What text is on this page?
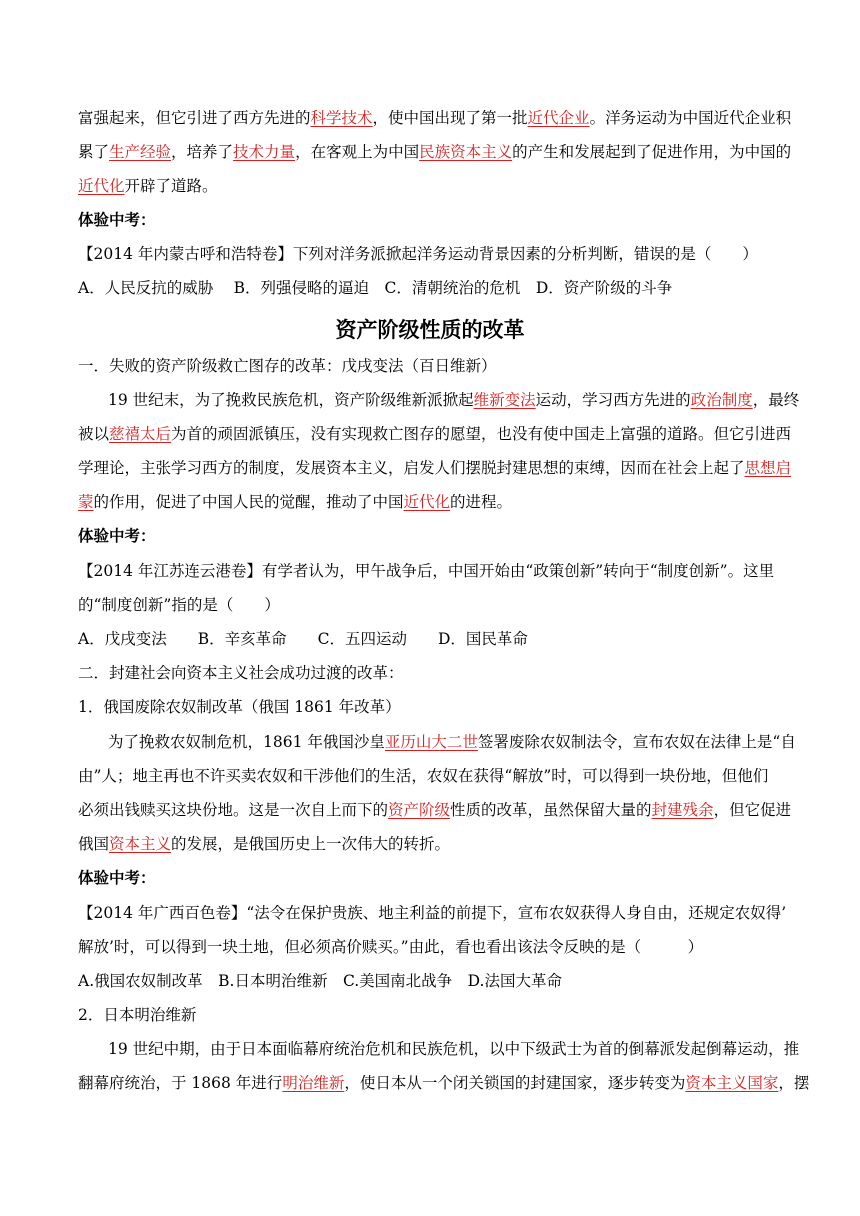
富强起来，但它引进了西方先进的科学技术，使中国出现了第一批近代企业。洋务运动为中国近代企业积
累了生产经验，培养了技术力量，在客观上为中国民族资本主义的产生和发展起到了促进作用，为中国的
近代化开辟了道路。
体验中考：
【2014 年内蒙古呼和浩特卷】下列对洋务派掀起洋务运动背景因素的分析判断，错误的是（　　）
A．人民反抗的威胁　 B．列强侵略的逼迫　C．清朝统治的危机　D．资产阶级的斗争
资产阶级性质的改革
一．失败的资产阶级救亡图存的改革：戊戌变法（百日维新）
19 世纪末，为了挽救民族危机，资产阶级维新派掀起维新变法运动，学习西方先进的政治制度，最终
被以慈禧太后为首的顽固派镇压，没有实现救亡图存的愿望，也没有使中国走上富强的道路。但它引进西
学理论，主张学习西方的制度，发展资本主义，启发人们摆脱封建思想的束缚，因而在社会上起了思想启
蒙的作用，促进了中国人民的觉醒，推动了中国近代化的进程。
体验中考：
【2014 年江苏连云港卷】有学者认为，甲午战争后，中国开始由“政策创新”转向于“制度创新”。这里
的“制度创新”指的是（　　）
A．戊戌变法　　B．辛亥革命　　C．五四运动　　D．国民革命
二．封建社会向资本主义社会成功过渡的改革：
1．俄国废除农奴制改革（俄国 1861 年改革）
为了挽救农奴制危机，1861 年俄国沙皇亚历山大二世签署废除农奴制法令，宣布农奴在法律上是“自
由”人；地主再也不许买卖农奴和干涉他们的生活，农奴在获得“解放”时，可以得到一块份地，但他们
必须出钱赎买这块份地。这是一次自上而下的资产阶级性质的改革，虽然保留大量的封建残余，但它促进
俄国资本主义的发展，是俄国历史上一次伟大的转折。
体验中考：
【2014 年广西百色卷】“法令在保护贵族、地主利益的前提下，宣布农奴获得人身自由，还规定农奴得’
解放’时，可以得到一块土地，但必须高价赎买。”由此，看也看出该法令反映的是（　　　）
A.俄国农奴制改革　B.日本明治维新　C.美国南北战争　D.法国大革命
2．日本明治维新
19 世纪中期，由于日本面临幕府统治危机和民族危机，以中下级武士为首的倒幕派发起倒幕运动，推
翻幕府统治，于 1868 年进行明治维新，使日本从一个闭关锁国的封建国家，逐步转变为资本主义国家，摆
